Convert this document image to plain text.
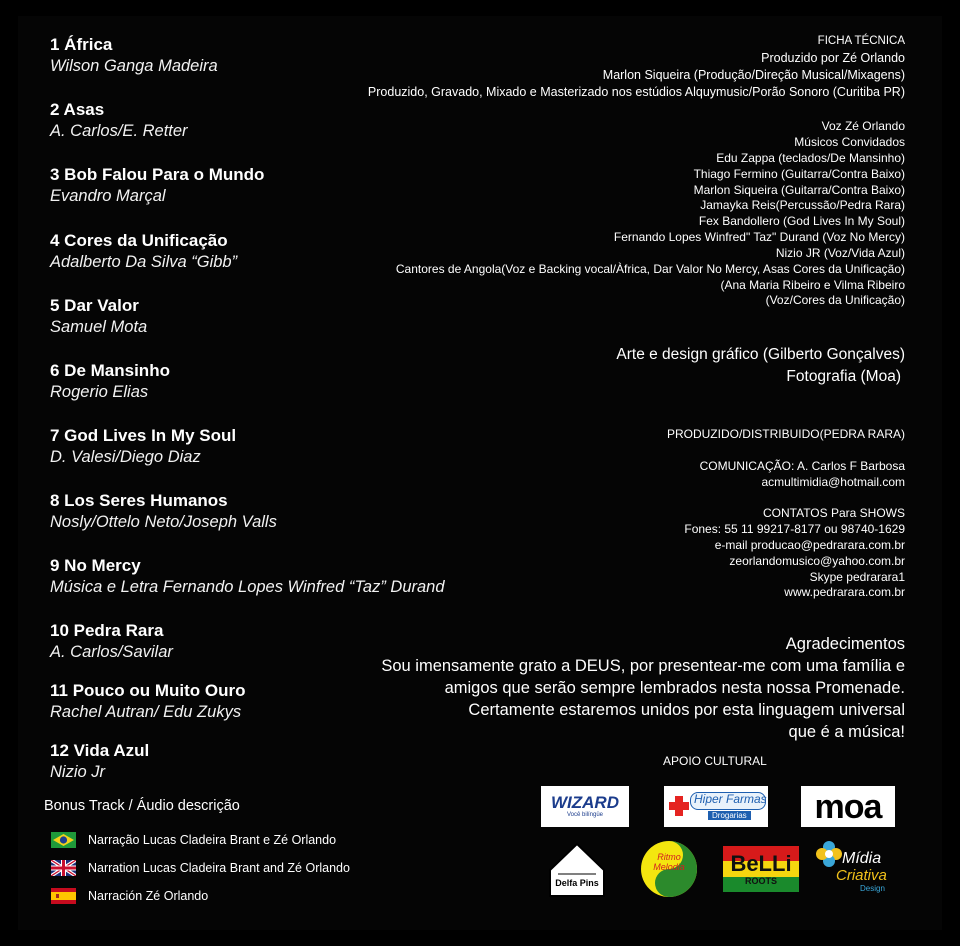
1 África
Wilson Ganga Madeira
2 Asas
A. Carlos/E. Retter
3 Bob Falou Para o Mundo
Evandro Marçal
4 Cores da Unificação
Adalberto Da Silva “Gibb”
5 Dar Valor
Samuel Mota
6 De Mansinho
Rogerio Elias
7 God Lives In My Soul
D. Valesi/Diego Diaz
8 Los Seres Humanos
Nosly/Ottelo Neto/Joseph Valls
9 No Mercy
Música e Letra Fernando Lopes Winfred “Taz” Durand
10 Pedra Rara
A. Carlos/Savilar
11 Pouco ou Muito Ouro
Rachel Autran/ Edu Zukys
12 Vida Azul
Nizio Jr
Bonus Track / Áudio descrição
Narração Lucas Cladeira Brant e Zé Orlando
Narration Lucas Cladeira Brant and Zé Orlando
Narración Zé Orlando
FICHA TÉCNICA
Produzido por Zé Orlando
Marlon Siqueira (Produção/Direção Musical/Mixagens)
Produzido, Gravado, Mixado e Masterizado nos estúdios Alquymusic/Porão Sonoro (Curitiba PR)
Voz Zé Orlando
Músicos Convidados
Edu Zappa (teclados/De Mansinho)
Thiago Fermino (Guitarra/Contra Baixo)
Marlon Siqueira (Guitarra/Contra Baixo)
Jamayka Reis(Percussão/Pedra Rara)
Fex Bandollero (God Lives In My Soul)
Fernando Lopes Winfred" Taz" Durand (Voz No Mercy)
Nizio JR (Voz/Vida Azul)
Cantores de Angola(Voz e Backing vocal/Àfrica, Dar Valor No Mercy, Asas Cores da Unificação)
(Ana Maria Ribeiro e Vilma Ribeiro
(Voz/Cores da Unificação)
Arte e design gráfico (Gilberto Gonçalves)
Fotografia (Moa)
PRODUZIDO/DISTRIBUIDO(PEDRA RARA)
COMUNICAÇÃO: A. Carlos F Barbosa
acmultimidia@hotmail.com
CONTATOS Para SHOWS
Fones: 55 11 99217-8177 ou 98740-1629
e-mail producao@pedrarara.com.br
zeorlandomusico@yahoo.com.br
Skype pedrarara1
www.pedrarara.com.br
Agradecimentos
Sou imensamente grato a DEUS, por presentear-me com uma família e
amigos que serão sempre lembrados nesta nossa Promenade.
Certamente estaremos unidos por esta linguagem universal
que é a música!
APOIO CULTURAL
WIZARD
Você bilíngüe
Hiper Farmas
Drogarias moa
Delfa Pins
Ritmo Melodia	BeLLi
ROOTS
Mídia
Criativa
Design
